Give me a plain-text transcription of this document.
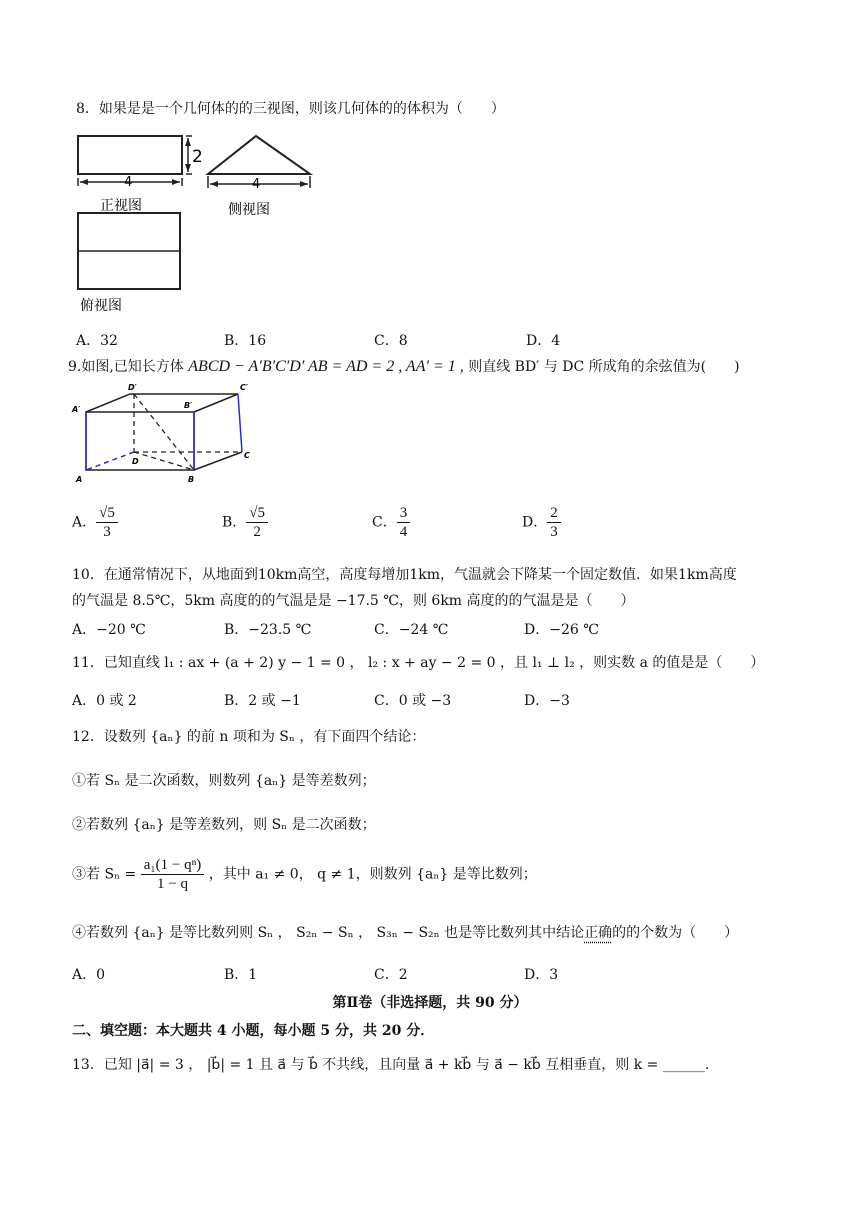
8．如果是是一个几何体的的三视图，则该几何体的的体积为（　　）
2
4
正视图
4
侧视图
俯视图
A．32	B．16	C．8	D．4
9.如图,已知长方体 ABCD − A′B′C′D′ AB = AD = 2 , AA′ = 1 , 则直线 BD′ 与 DC 所成角的余弦值为(　　)
D′	C′
A′	B′
D
C
A	B
A． $\frac{√5}{3}$	B． $\frac{√5}{2}$	C． $\frac{3}{4}$	D． $\frac{2}{3}$
10．在通常情况下，从地面到10km高空，高度每增加1km，气温就会下降某一个固定数值．如果1km高度
的气温是 8.5℃，5km 高度的的气温是是 −17.5 ℃，则 6km 高度的的气温是是（　　）
A．−20 ℃	B．−23.5 ℃	C．−24 ℃	D．−26 ℃
11．已知直线 l₁ : ax + (a + 2) y − 1 = 0 ， l₂ : x + ay − 2 = 0 ，且 l₁ ⊥ l₂ ，则实数 a 的值是是（　　）
A．0 或 2	B．2 或 −1	C．0 或 −3	D．−3
12．设数列 {aₙ} 的前 n 项和为 Sₙ ，有下面四个结论：
①若 Sₙ 是二次函数，则数列 {aₙ} 是等差数列；
②若数列 {aₙ} 是等差数列，则 Sₙ 是二次函数；
③若 $S_n = \frac{\text{a₁(1 − qⁿ)}}{1 - q}$ ，其中 a₁ ≠ 0， q ≠ 1，则数列 {aₙ} 是等比数列；
④若数列 {aₙ} 是等比数列则 Sₙ ， S₂ₙ − Sₙ ， S₃ₙ − S₂ₙ 也是等比数列其中结论正确的的个数为（　　）
A．0	B．1	C．2	D．3
第Ⅱ卷（非选择题，共 90 分）
二、填空题：本大题共 4 小题，每小题 5 分，共 20 分．
13．已知 |a⃗| = 3 ， |b⃗| = 1 且 a⃗ 与 b⃗ 不共线，且向量 a⃗ + kb⃗ 与 a⃗ − kb⃗ 互相垂直，则 k = ______.
